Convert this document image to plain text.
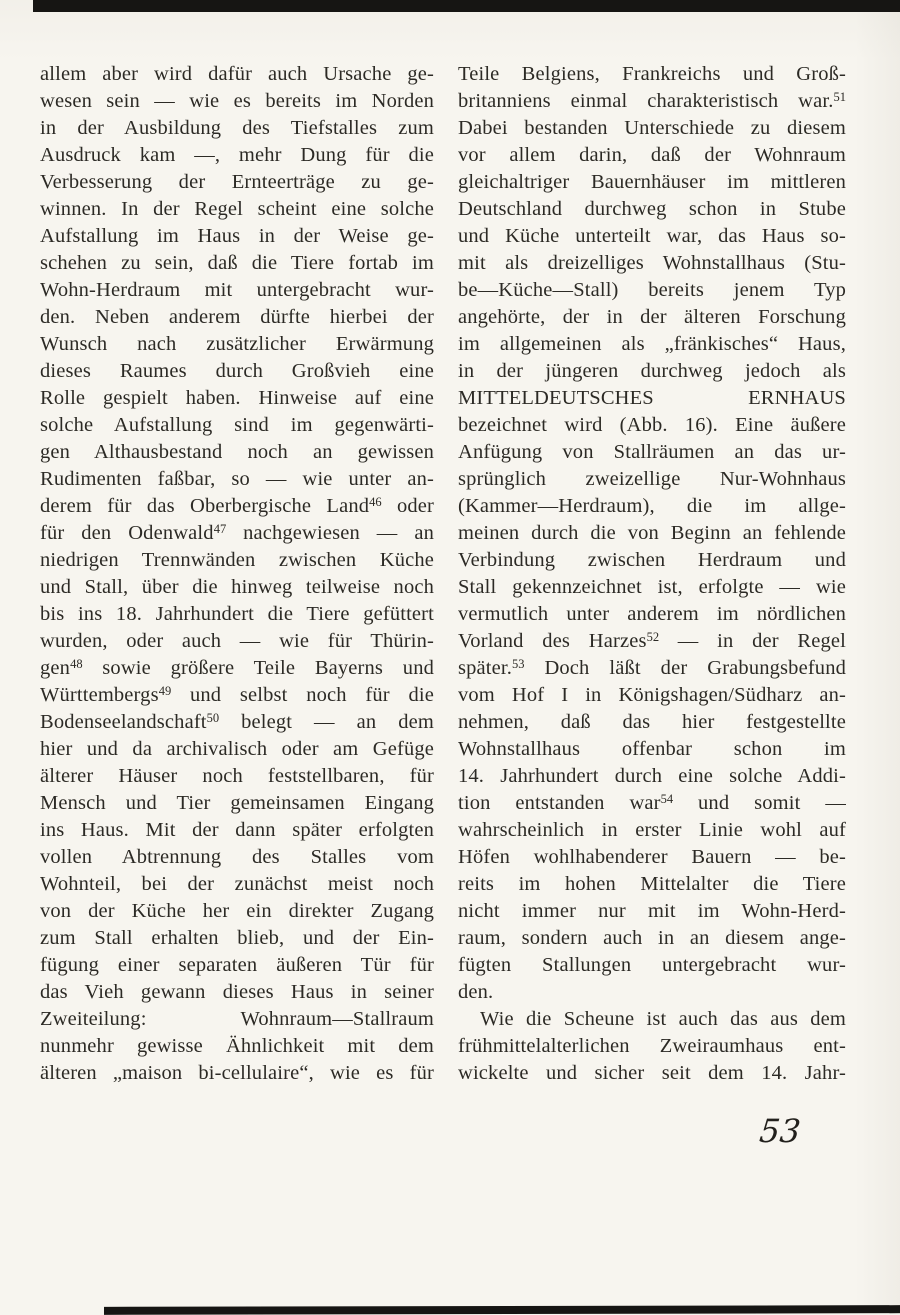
allem aber wird dafür auch Ursache ge-
wesen sein — wie es bereits im Norden
in der Ausbildung des Tiefstalles zum
Ausdruck kam —, mehr Dung für die
Verbesserung der Ernteerträge zu ge-
winnen. In der Regel scheint eine solche
Aufstallung im Haus in der Weise ge-
schehen zu sein, daß die Tiere fortab im
Wohn-Herdraum mit untergebracht wur-
den. Neben anderem dürfte hierbei der
Wunsch nach zusätzlicher Erwärmung
dieses Raumes durch Großvieh eine
Rolle gespielt haben. Hinweise auf eine
solche Aufstallung sind im gegenwärti-
gen Althausbestand noch an gewissen
Rudimenten faßbar, so — wie unter an-
derem für das Oberbergische Land$^{46}$ oder
für den Odenwald$^{47}$ nachgewiesen — an
niedrigen Trennwänden zwischen Küche
und Stall, über die hinweg teilweise noch
bis ins 18. Jahrhundert die Tiere gefüttert
wurden, oder auch — wie für Thürin-
gen$^{48}$ sowie größere Teile Bayerns und
Württembergs$^{49}$ und selbst noch für die
Bodenseelandschaft$^{50}$ belegt — an dem
hier und da archivalisch oder am Gefüge
älterer Häuser noch feststellbaren, für
Mensch und Tier gemeinsamen Eingang
ins Haus. Mit der dann später erfolgten
vollen Abtrennung des Stalles vom
Wohnteil, bei der zunächst meist noch
von der Küche her ein direkter Zugang
zum Stall erhalten blieb, und der Ein-
fügung einer separaten äußeren Tür für
das Vieh gewann dieses Haus in seiner
Zweiteilung: Wohnraum—Stallraum
nunmehr gewisse Ähnlichkeit mit dem
älteren „maison bi-cellulaire“, wie es für
Teile Belgiens, Frankreichs und Groß-
britanniens einmal charakteristisch war.$^{51}$
Dabei bestanden Unterschiede zu diesem
vor allem darin, daß der Wohnraum
gleichaltriger Bauernhäuser im mittleren
Deutschland durchweg schon in Stube
und Küche unterteilt war, das Haus so-
mit als dreizelliges Wohnstallhaus (Stu-
be—Küche—Stall) bereits jenem Typ
angehörte, der in der älteren Forschung
im allgemeinen als „fränkisches“ Haus,
in der jüngeren durchweg jedoch als
MITTELDEUTSCHES ERNHAUS
bezeichnet wird (Abb. 16). Eine äußere
Anfügung von Stallräumen an das ur-
sprünglich zweizellige Nur-Wohnhaus
(Kammer—Herdraum), die im allge-
meinen durch die von Beginn an fehlende
Verbindung zwischen Herdraum und
Stall gekennzeichnet ist, erfolgte — wie
vermutlich unter anderem im nördlichen
Vorland des Harzes$^{52}$ — in der Regel
später.$^{53}$ Doch läßt der Grabungsbefund
vom Hof I in Königshagen/Südharz an-
nehmen, daß das hier festgestellte
Wohnstallhaus offenbar schon im
14. Jahrhundert durch eine solche Addi-
tion entstanden war$^{54}$ und somit —
wahrscheinlich in erster Linie wohl auf
Höfen wohlhabenderer Bauern — be-
reits im hohen Mittelalter die Tiere
nicht immer nur mit im Wohn-Herd-
raum, sondern auch in an diesem ange-
fügten Stallungen untergebracht wur-
den.
Wie die Scheune ist auch das aus dem
frühmittelalterlichen Zweiraumhaus ent-
wickelte und sicher seit dem 14. Jahr-
53
